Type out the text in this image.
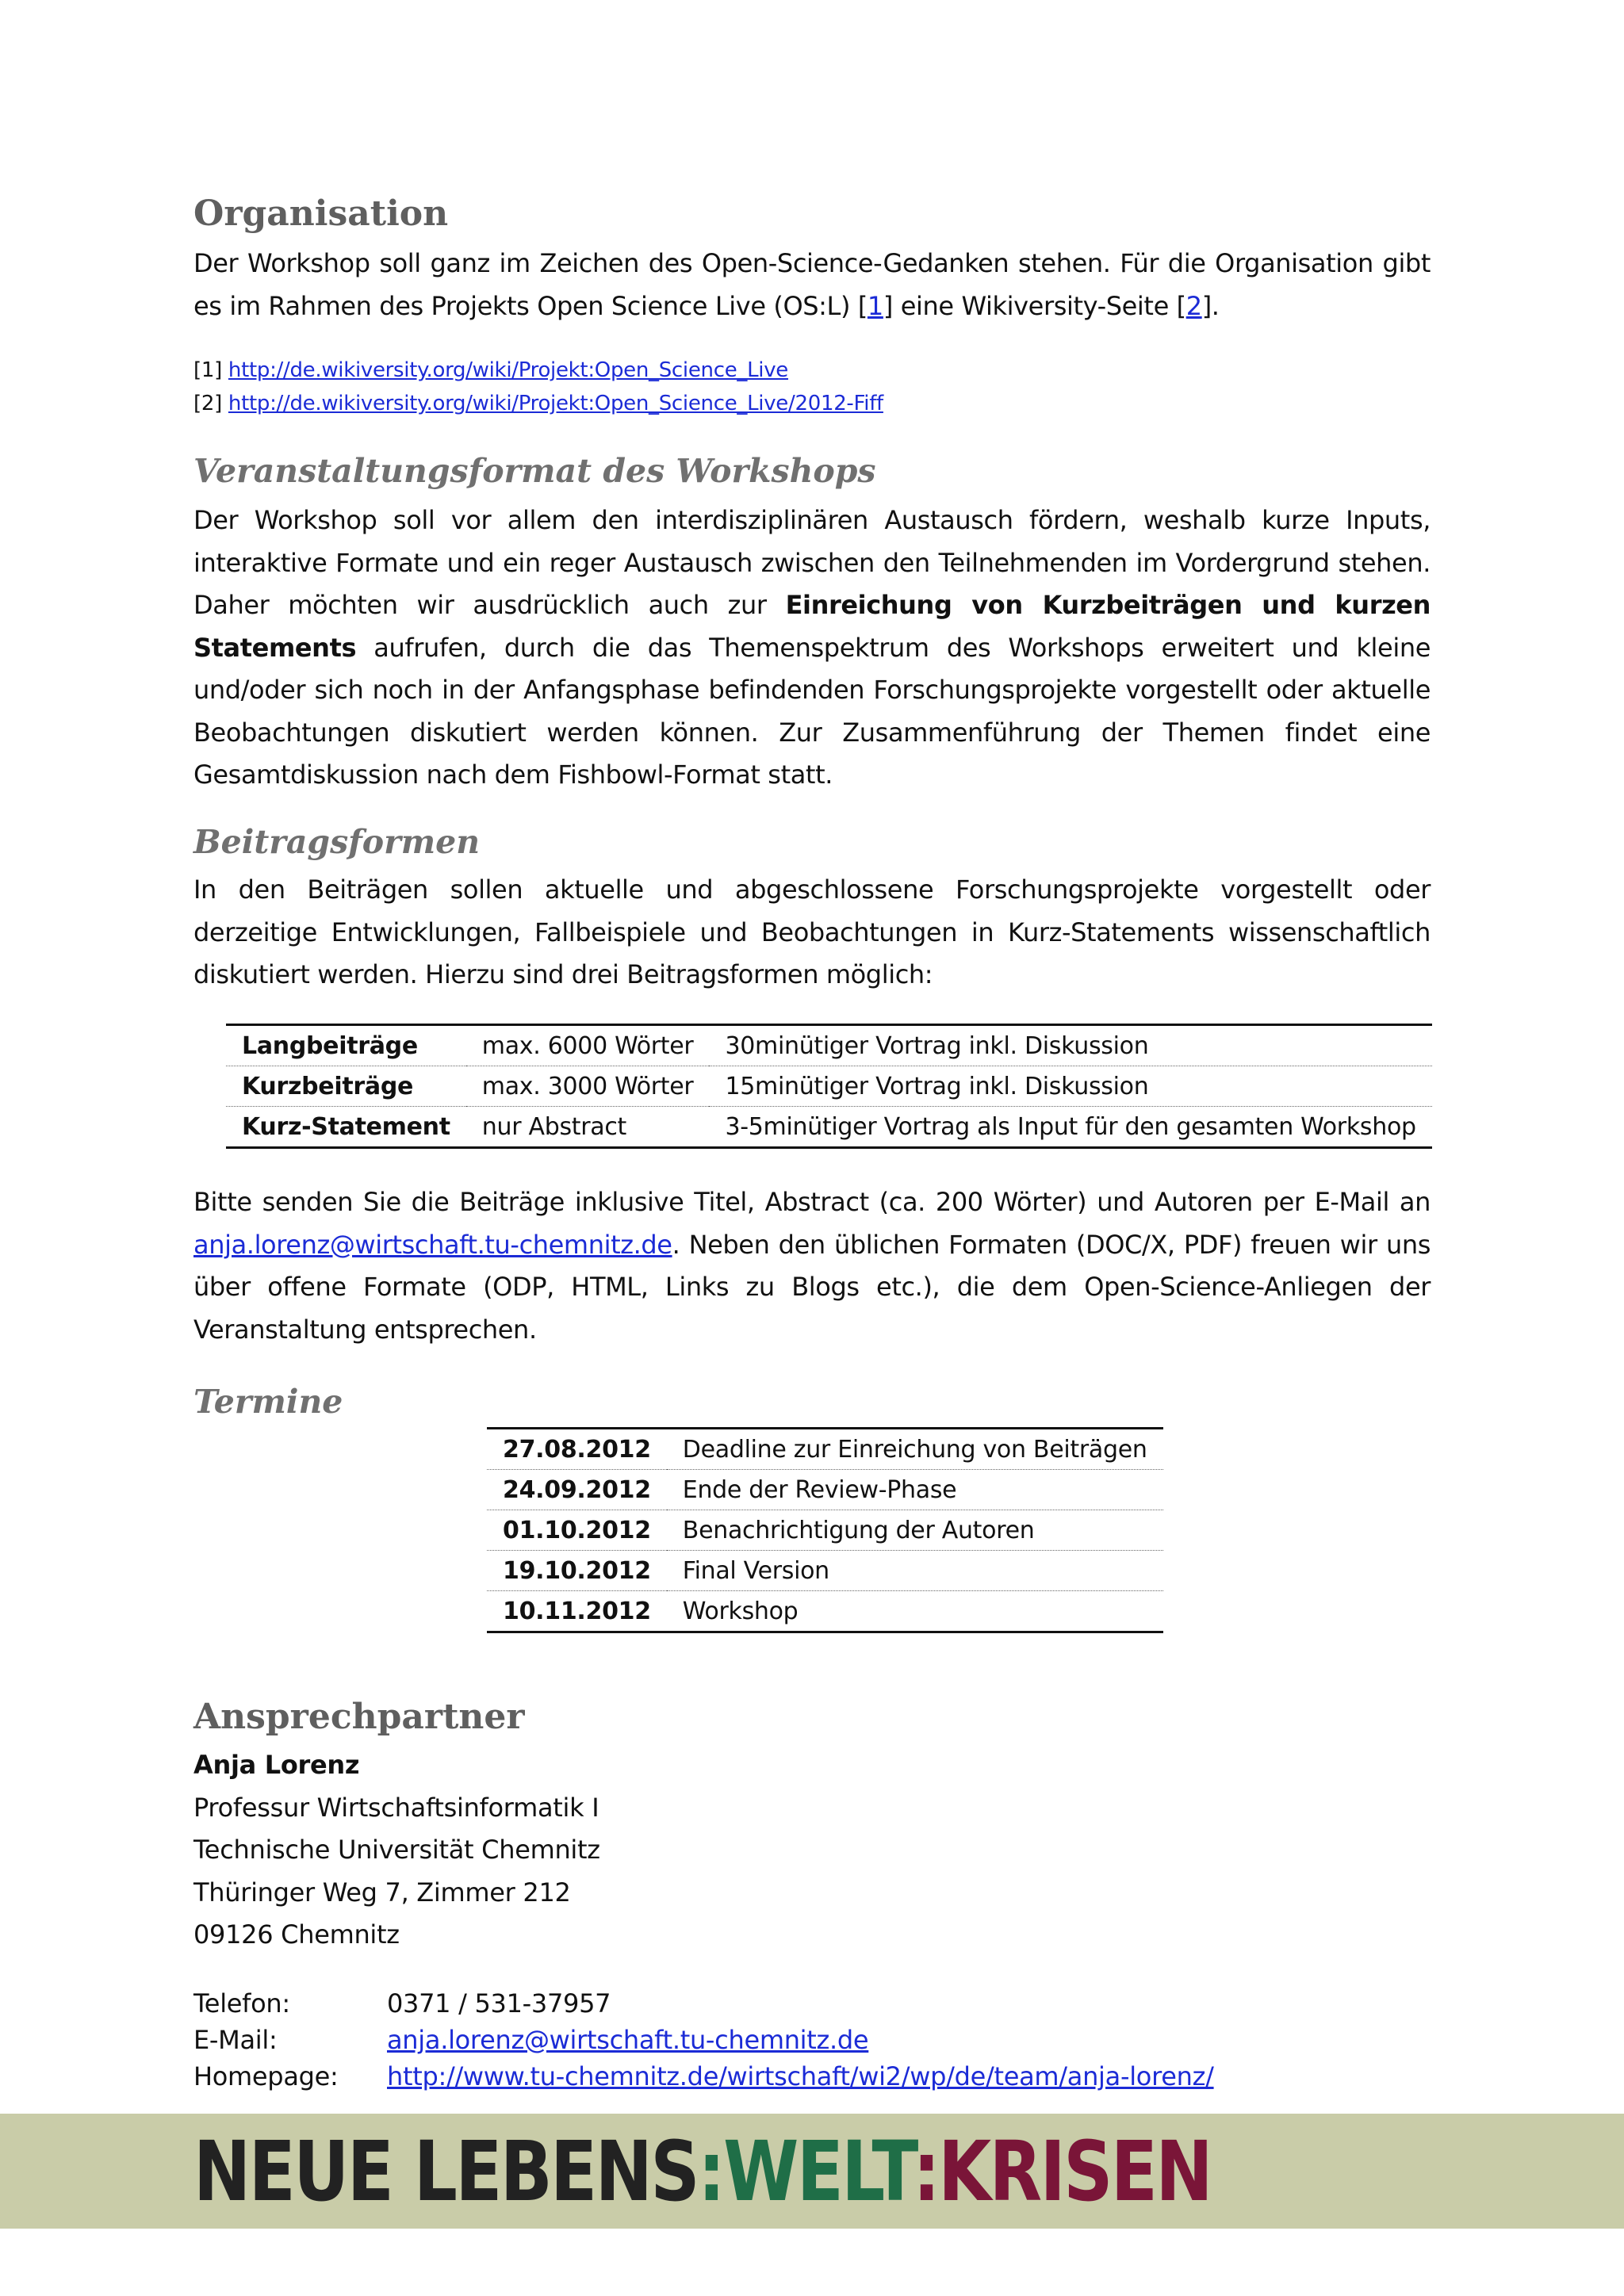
Organisation

Der Workshop soll ganz im Zeichen des Open-Science-Gedanken stehen. Für die Organisation gibt es im Rahmen des Projekts Open Science Live (OS:L) [1] eine Wikiversity-Seite [2].

[1] http://de.wikiversity.org/wiki/Projekt:Open_Science_Live
[2] http://de.wikiversity.org/wiki/Projekt:Open_Science_Live/2012-Fiff
Veranstaltungsformat des Workshops

Der Workshop soll vor allem den interdisziplinären Austausch fördern, weshalb kurze Inputs, interaktive Formate und ein reger Austausch zwischen den Teilnehmenden im Vordergrund stehen. Daher möchten wir ausdrücklich auch zur Einreichung von Kurzbeiträgen und kurzen Statements aufrufen, durch die das Themenspektrum des Workshops erweitert und kleine und/oder sich noch in der Anfangsphase befindenden Forschungsprojekte vorgestellt oder aktuelle Beobachtungen diskutiert werden können. Zur Zusammenführung der Themen findet eine Gesamtdiskussion nach dem Fishbowl-Format statt.

Beitragsformen

In den Beiträgen sollen aktuelle und abgeschlossene Forschungsprojekte vorgestellt oder derzeitige Entwicklungen, Fallbeispiele und Beobachtungen in Kurz-Statements wissenschaftlich diskutiert werden. Hierzu sind drei Beitragsformen möglich:

Langbeiträge	max. 6000 Wörter	30minütiger Vortrag inkl. Diskussion
Kurzbeiträge	max. 3000 Wörter	15minütiger Vortrag inkl. Diskussion
Kurz-Statement	nur Abstract	3-5minütiger Vortrag als Input für den gesamten Workshop

Bitte senden Sie die Beiträge inklusive Titel, Abstract (ca. 200 Wörter) und Autoren per E-Mail an anja.lorenz@wirtschaft.tu-chemnitz.de. Neben den üblichen Formaten (DOC/X, PDF) freuen wir uns über offene Formate (ODP, HTML, Links zu Blogs etc.), die dem Open-Science-Anliegen der Veranstaltung entsprechen.

Termine
27.08.2012	Deadline zur Einreichung von Beiträgen
24.09.2012	Ende der Review-Phase
01.10.2012	Benachrichtigung der Autoren
19.10.2012	Final Version
10.11.2012	Workshop
Ansprechpartner
Anja Lorenz
Professur Wirtschaftsinformatik I
Technische Universität Chemnitz
Thüringer Weg 7, Zimmer 212
09126 Chemnitz
Telefon:	0371 / 531-37957
E-Mail:	anja.lorenz@wirtschaft.tu-chemnitz.de
Homepage:	http://www.tu-chemnitz.de/wirtschaft/wi2/wp/de/team/anja-lorenz/
NEUE LEBENS:WELT:KRISEN
